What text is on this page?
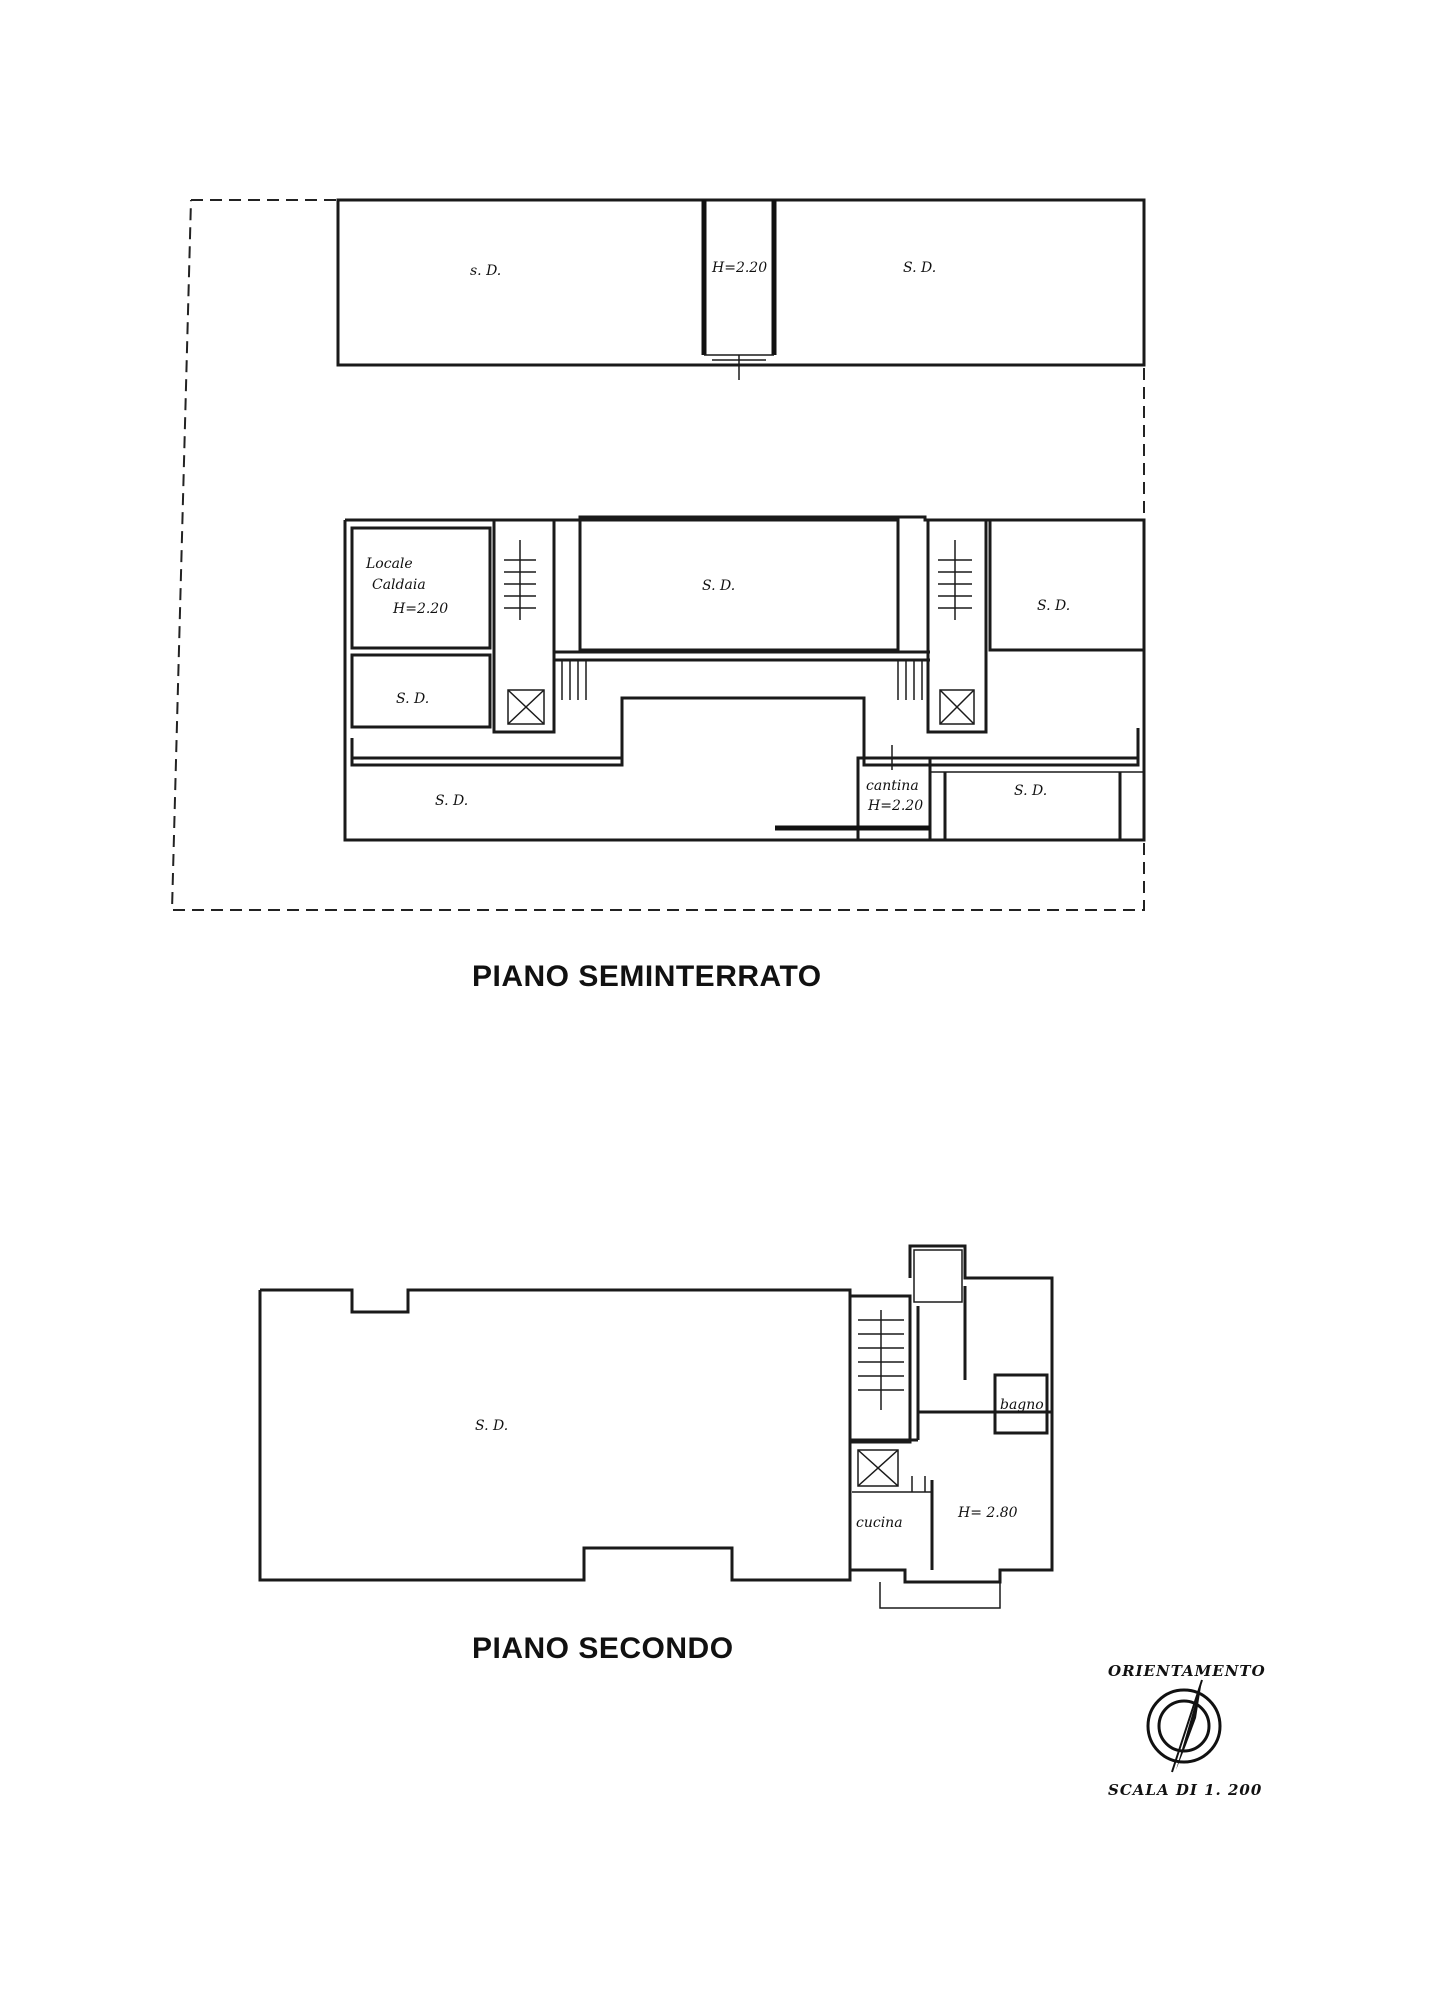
s. D.	H=2.20	S. D.
Locale
Caldaia
H=2.20
S. D.
S. D.
S. D.
S. D.
cantina
H=2.20
S. D.
S. D.
bagno
H= 2.80
cucina
ORIENTAMENTO
SCALA DI 1. 200
PIANO SEMINTERRATO
PIANO SECONDO
